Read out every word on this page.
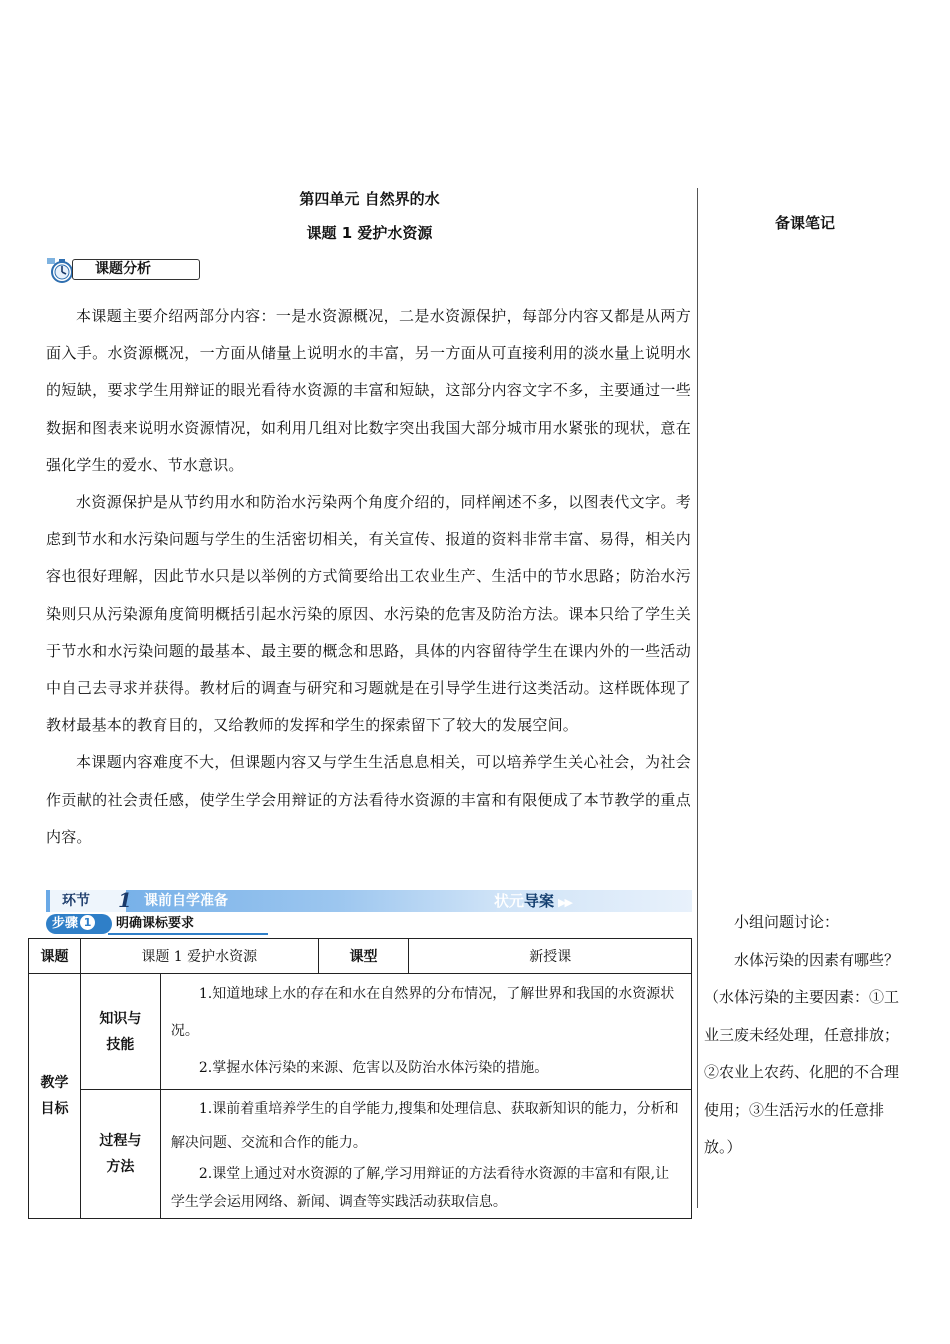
第四单元 自然界的水
课题 1 爱护水资源
备课笔记
课题分析

本课题主要介绍两部分内容：一是水资源概况，二是水资源保护，每部分内容又都是从两方面入手。水资源概况，一方面从储量上说明水的丰富，另一方面从可直接利用的淡水量上说明水的短缺，要求学生用辩证的眼光看待水资源的丰富和短缺，这部分内容文字不多，主要通过一些数据和图表来说明水资源情况，如利用几组对比数字突出我国大部分城市用水紧张的现状，意在强化学生的爱水、节水意识。

水资源保护是从节约用水和防治水污染两个角度介绍的，同样阐述不多，以图表代文字。考虑到节水和水污染问题与学生的生活密切相关，有关宣传、报道的资料非常丰富、易得，相关内容也很好理解，因此节水只是以举例的方式简要给出工农业生产、生活中的节水思路；防治水污染则只从污染源角度简明概括引起水污染的原因、水污染的危害及防治方法。课本只给了学生关于节水和水污染问题的最基本、最主要的概念和思路，具体的内容留待学生在课内外的一些活动中自己去寻求并获得。教材后的调查与研究和习题就是在引导学生进行这类活动。这样既体现了教材最基本的教育目的，又给教师的发挥和学生的探索留下了较大的发展空间。

本课题内容难度不大，但课题内容又与学生生活息息相关，可以培养学生关心社会，为社会作贡献的社会责任感，使学生学会用辩证的方法看待水资源的丰富和有限便成了本节教学的重点内容。

环节	1 课前自学准备	状元导案 ▶▶
步骤 1	明确课标要求
课题	课题 1 爱护水资源		课型	新授课
教学目标	知识与技能	1.知道地球上水的存在和水在自然界的分布情况，了解世界和我国的水资源状况。

2.掌握水体污染的来源、危害以及防治水体污染的措施。		

	过程与方法	1.课前着重培养学生的自学能力,搜集和处理信息、获取新知识的能力，分析和解决问题、交流和合作的能力。

2.课堂上通过对水资源的了解,学习用辩证的方法看待水资源的丰富和有限,让学生学会运用网络、新闻、调查等实践活动获取信息。		

小组问题讨论：

水体污染的因素有哪些？

（水体污染的主要因素：①工业三废未经处理，任意排放；②农业上农药、化肥的不合理使用；③生活污水的任意排放。）
